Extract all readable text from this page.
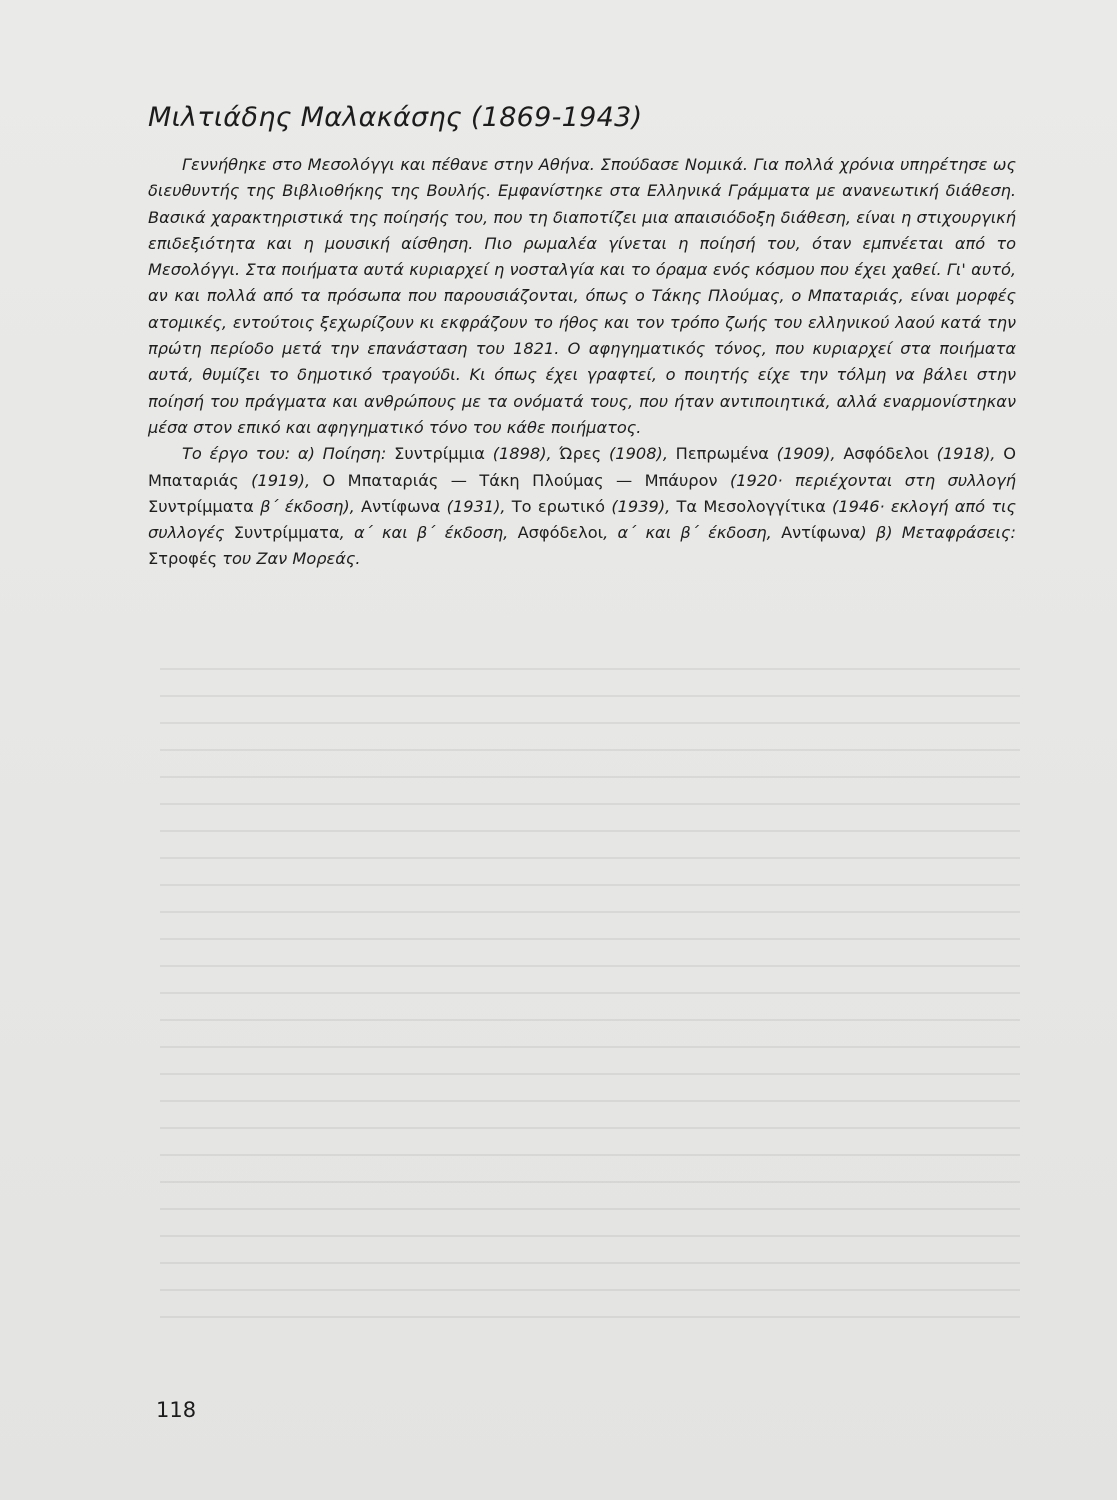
Μιλτιάδης Μαλακάσης (1869-1943)

Γεννήθηκε στο Μεσολόγγι και πέθανε στην Αθήνα. Σπούδασε Νομικά. Για πολλά χρόνια υπηρέτησε ως διευθυντής της Βιβλιοθήκης της Βουλής. Εμφανίστηκε στα Ελληνικά Γράμματα με ανανεωτική διάθεση. Βασικά χαρακτηριστικά της ποίησής του, που τη διαποτίζει μια απαισιόδοξη διάθεση, είναι η στιχουργική επιδεξιότητα και η μουσική αίσθηση. Πιο ρωμαλέα γίνεται η ποίησή του, όταν εμπνέεται από το Μεσολόγγι. Στα ποιήματα αυτά κυριαρχεί η νοσταλγία και το όραμα ενός κόσμου που έχει χαθεί. Γι' αυτό, αν και πολλά από τα πρόσωπα που παρουσιάζονται, όπως ο Τάκης Πλούμας, ο Μπαταριάς, είναι μορφές ατομικές, εντούτοις ξεχωρίζουν κι εκφράζουν το ήθος και τον τρόπο ζωής του ελληνικού λαού κατά την πρώτη περίοδο μετά την επανάσταση του 1821. Ο αφηγηματικός τόνος, που κυριαρχεί στα ποιήματα αυτά, θυμίζει το δημοτικό τραγούδι. Κι όπως έχει γραφτεί, ο ποιητής είχε την τόλμη να βάλει στην ποίησή του πράγματα και ανθρώπους με τα ονόματά τους, που ήταν αντιποιητικά, αλλά εναρμονίστηκαν μέσα στον επικό και αφηγηματικό τόνο του κάθε ποιήματος.

Το έργο του: α) Ποίηση: Συντρίμμια (1898), Ώρες (1908), Πεπρωμένα (1909), Ασφόδελοι (1918), Ο Μπαταριάς (1919), Ο Μπαταριάς — Τάκη Πλούμας — Μπάυρον (1920· περιέχονται στη συλλογή Συντρίμματα β΄ έκδοση), Αντίφωνα (1931), Το ερωτικό (1939), Τα Μεσολογγίτικα (1946· εκλογή από τις συλλογές Συντρίμματα, α΄ και β΄ έκδοση, Ασφόδελοι, α΄ και β΄ έκδοση, Αντίφωνα) β) Μεταφράσεις: Στροφές του Ζαν Μορεάς.

118
